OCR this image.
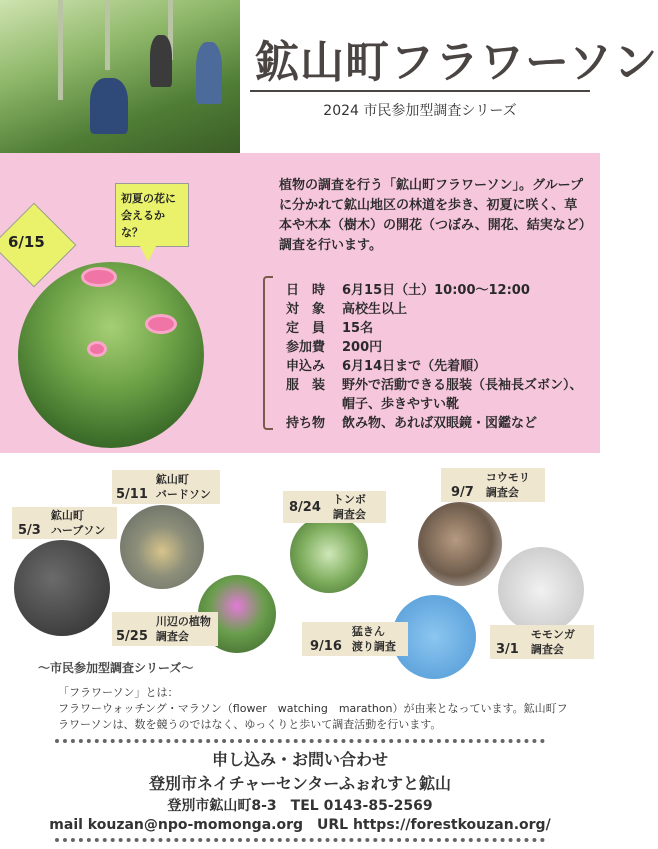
鉱山町フラワーソン
2024 市民参加型調査シリーズ
植物の調査を行う「鉱山町フラワーソン」。グループに分かれて鉱山地区の林道を歩き、初夏に咲く、草本や木本（樹木）の開花（つぼみ、開花、結実など）調査を行います。
6/15
初夏の花に会えるかな？
日　時	6月15日（土）10:00〜12:00
対　象	高校生以上
定　員	15名
参加費	200円
申込み	6月14日まで（先着順）
服　装	野外で活動できる服装（長袖長ズボン）、
帽子、歩きやすい靴
持ち物	飲み物、あれば双眼鏡・図鑑など
5/3
鉱山町
ハーブソン
5/11
鉱山町
バードソン
5/25
川辺の植物
調査会
8/24 トンボ
調査会
9/16
猛きん
渡り調査
9/7
コウモリ
調査会
3/1
モモンガ
調査会
〜市民参加型調査シリーズ〜
「フラワーソン」とは：
フラワーウォッチング・マラソン（flower　watching　marathon）が由来となっています。鉱山町フラワーソンは、数を競うのではなく、ゆっくりと歩いて調査活動を行います。
申し込み・お問い合わせ
登別市ネイチャーセンターふぉれすと鉱山
登別市鉱山町8-3　TEL 0143-85-2569
mail kouzan@npo-momonga.org　URL https://forestkouzan.org/
